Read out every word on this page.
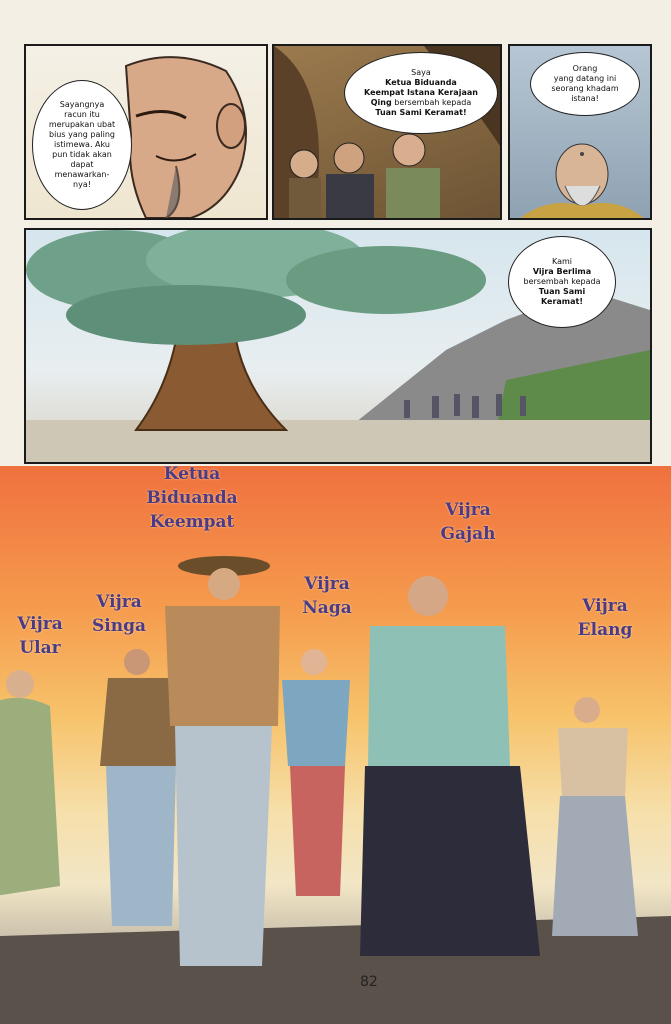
Sayangnya
racun itu
merupakan ubat
bius yang paling
istimewa. Aku
pun tidak akan
dapat
menawarkan-
nya!
Saya
Ketua Biduanda
Keempat Istana Kerajaan
Qing bersembah kepada
Tuan Sami Keramat!
Orang
yang datang ini
seorang khadam
istana!
Kami
Vijra Berlima
bersembah kepada
Tuan Sami
Keramat!
Ketua
Biduanda
Keempat
Vijra
Gajah
Vijra
Singa
Vijra
Naga
Vijra
Ular
Vijra
Elang
82
